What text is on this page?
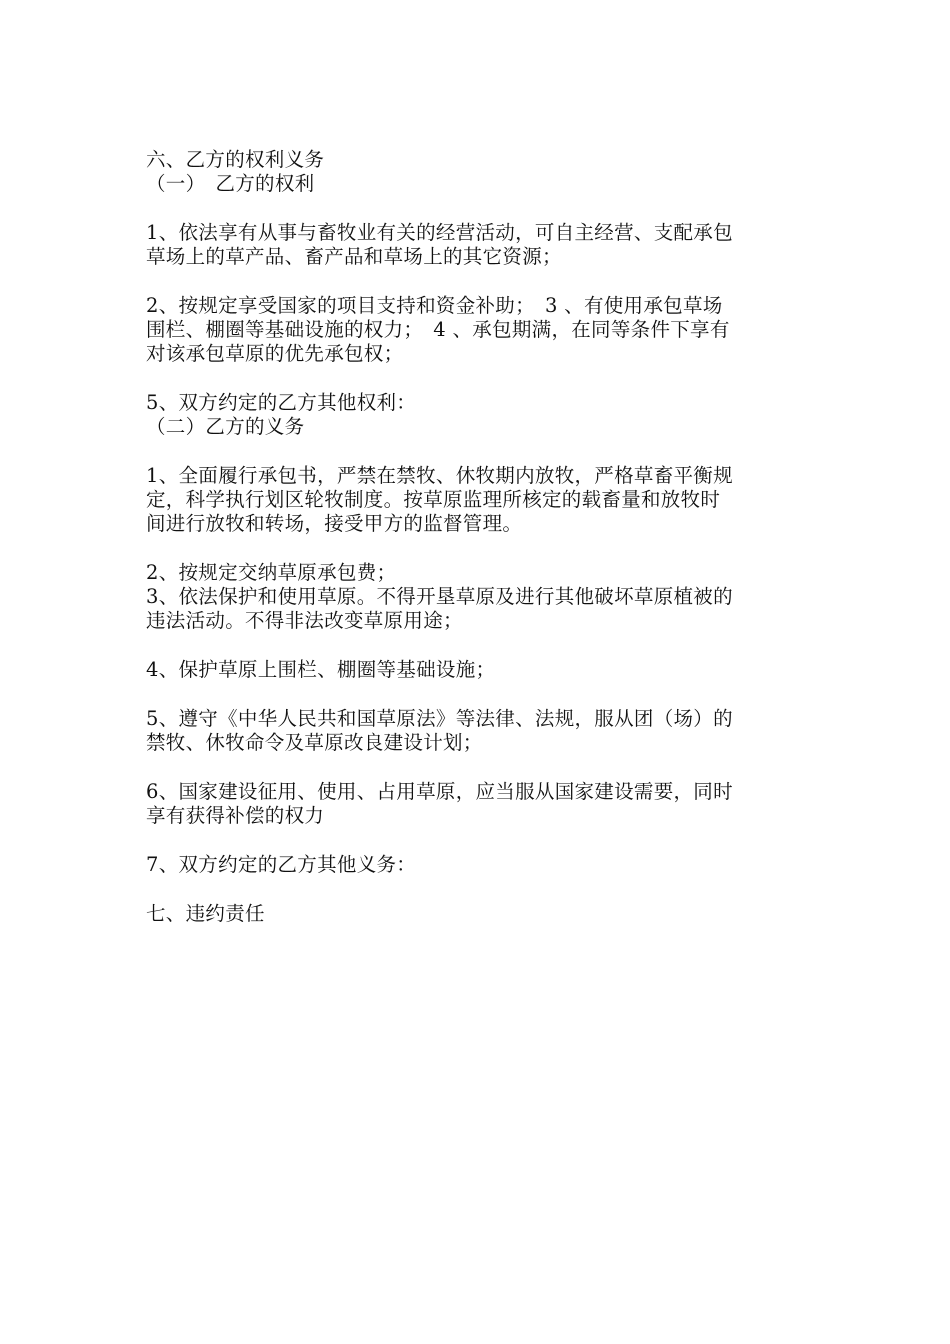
六、乙方的权利义务
（一）　乙方的权利
1、依法享有从事与畜牧业有关的经营活动，可自主经营、支配承包
草场上的草产品、畜产品和草场上的其它资源；
2、按规定享受国家的项目支持和资金补助；　3 、有使用承包草场
围栏、棚圈等基础设施的权力；　4 、承包期满，在同等条件下享有
对该承包草原的优先承包权；
5、双方约定的乙方其他权利：
（二）乙方的义务
1、全面履行承包书，严禁在禁牧、休牧期内放牧，严格草畜平衡规
定，科学执行划区轮牧制度。按草原监理所核定的载畜量和放牧时
间进行放牧和转场，接受甲方的监督管理。
2、按规定交纳草原承包费；
3、依法保护和使用草原。不得开垦草原及进行其他破坏草原植被的
违法活动。不得非法改变草原用途；
4、保护草原上围栏、棚圈等基础设施；
5、遵守《中华人民共和国草原法》等法律、法规，服从团（场）的
禁牧、休牧命令及草原改良建设计划；
6、国家建设征用、使用、占用草原，应当服从国家建设需要，同时
享有获得补偿的权力
7、双方约定的乙方其他义务：
七、违约责任
